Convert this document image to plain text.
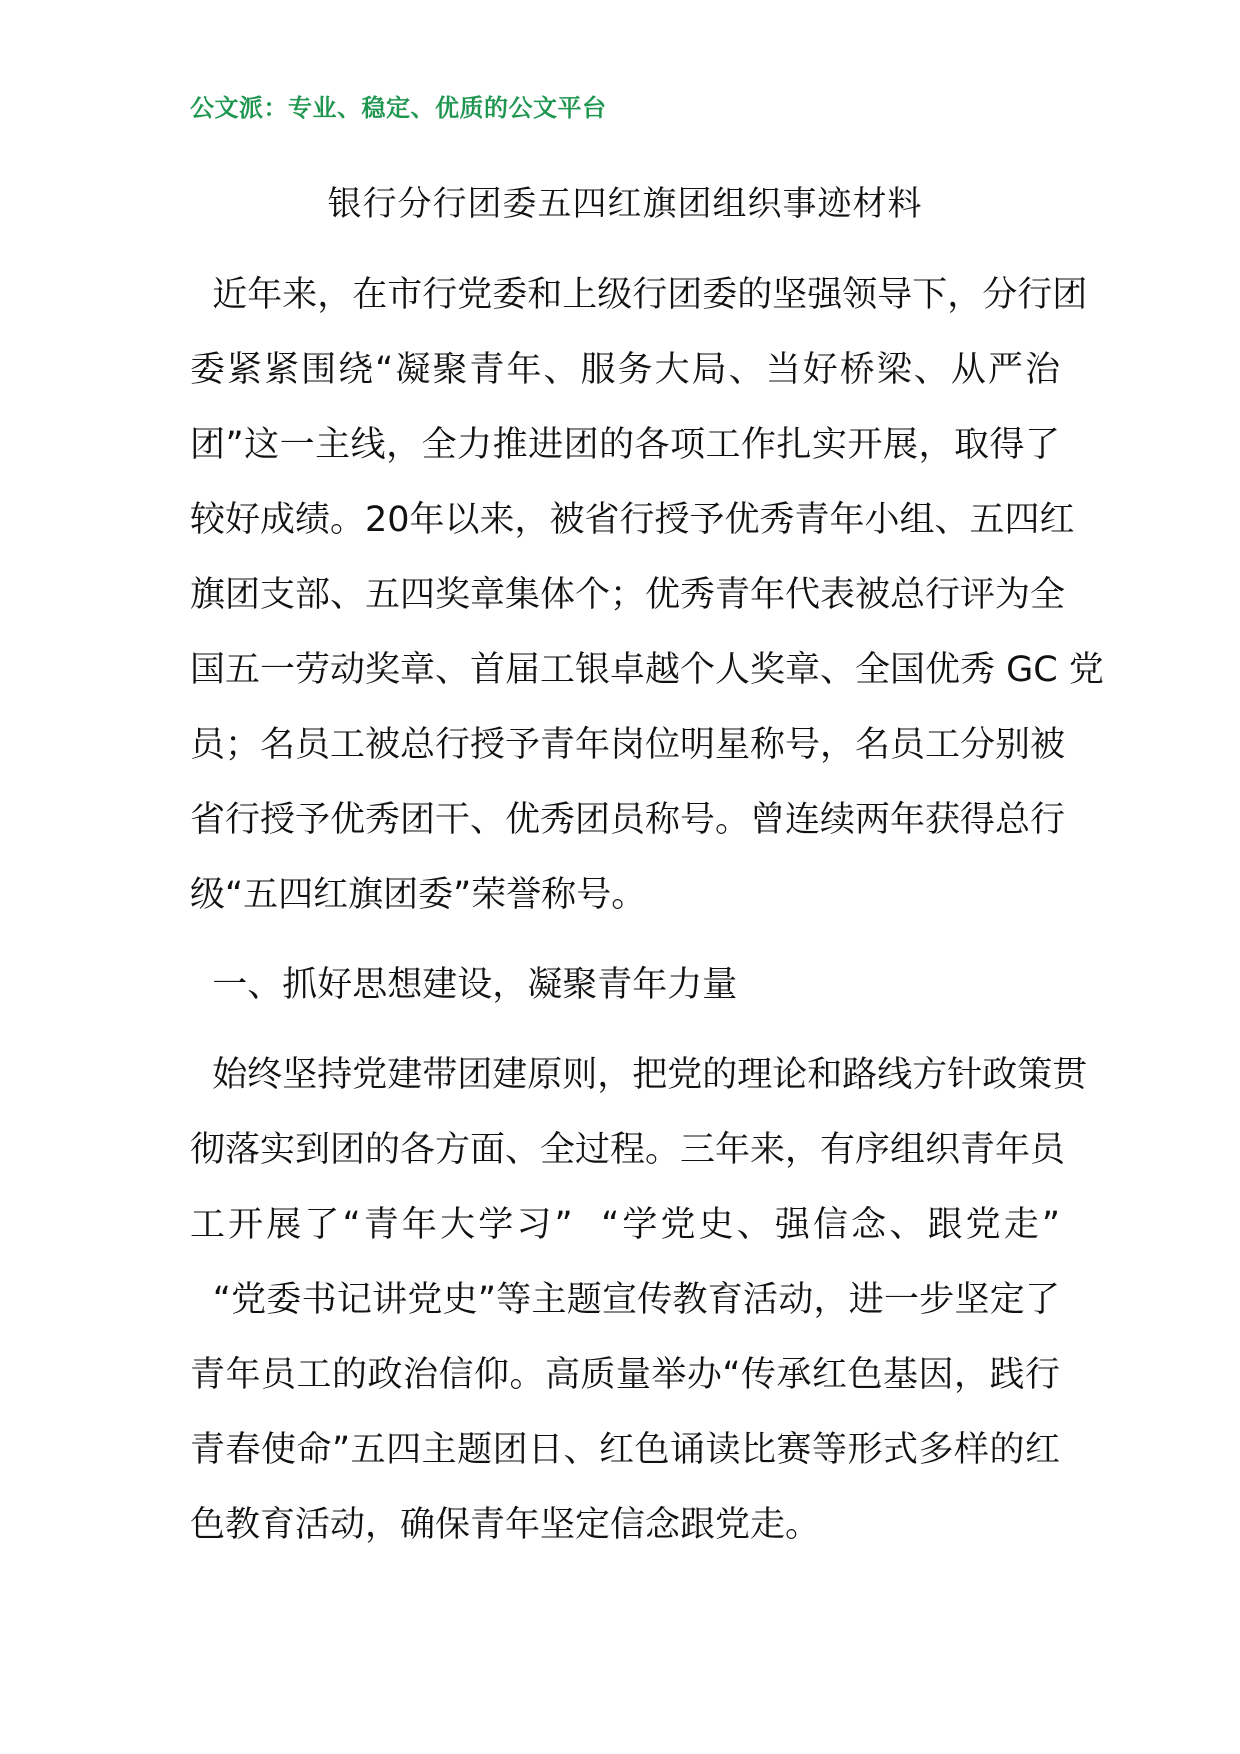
公文派：专业、稳定、优质的公文平台
银行分行团委五四红旗团组织事迹材料
近年来，在市行党委和上级行团委的坚强领导下，分行团
委紧紧围绕“凝聚青年、服务大局、当好桥梁、从严治
团”这一主线，全力推进团的各项工作扎实开展，取得了
较好成绩。20年以来，被省行授予优秀青年小组、五四红
旗团支部、五四奖章集体个；优秀青年代表被总行评为全
国五一劳动奖章、首届工银卓越个人奖章、全国优秀 GC 党
员；名员工被总行授予青年岗位明星称号，名员工分别被
省行授予优秀团干、优秀团员称号。曾连续两年获得总行
级“五四红旗团委”荣誉称号。
一、抓好思想建设，凝聚青年力量
始终坚持党建带团建原则，把党的理论和路线方针政策贯
彻落实到团的各方面、全过程。三年来，有序组织青年员
工开展了“青年大学习”  “学党史、强信念、跟党走”
“党委书记讲党史”等主题宣传教育活动，进一步坚定了
青年员工的政治信仰。高质量举办“传承红色基因，践行
青春使命”五四主题团日、红色诵读比赛等形式多样的红
色教育活动，确保青年坚定信念跟党走。
